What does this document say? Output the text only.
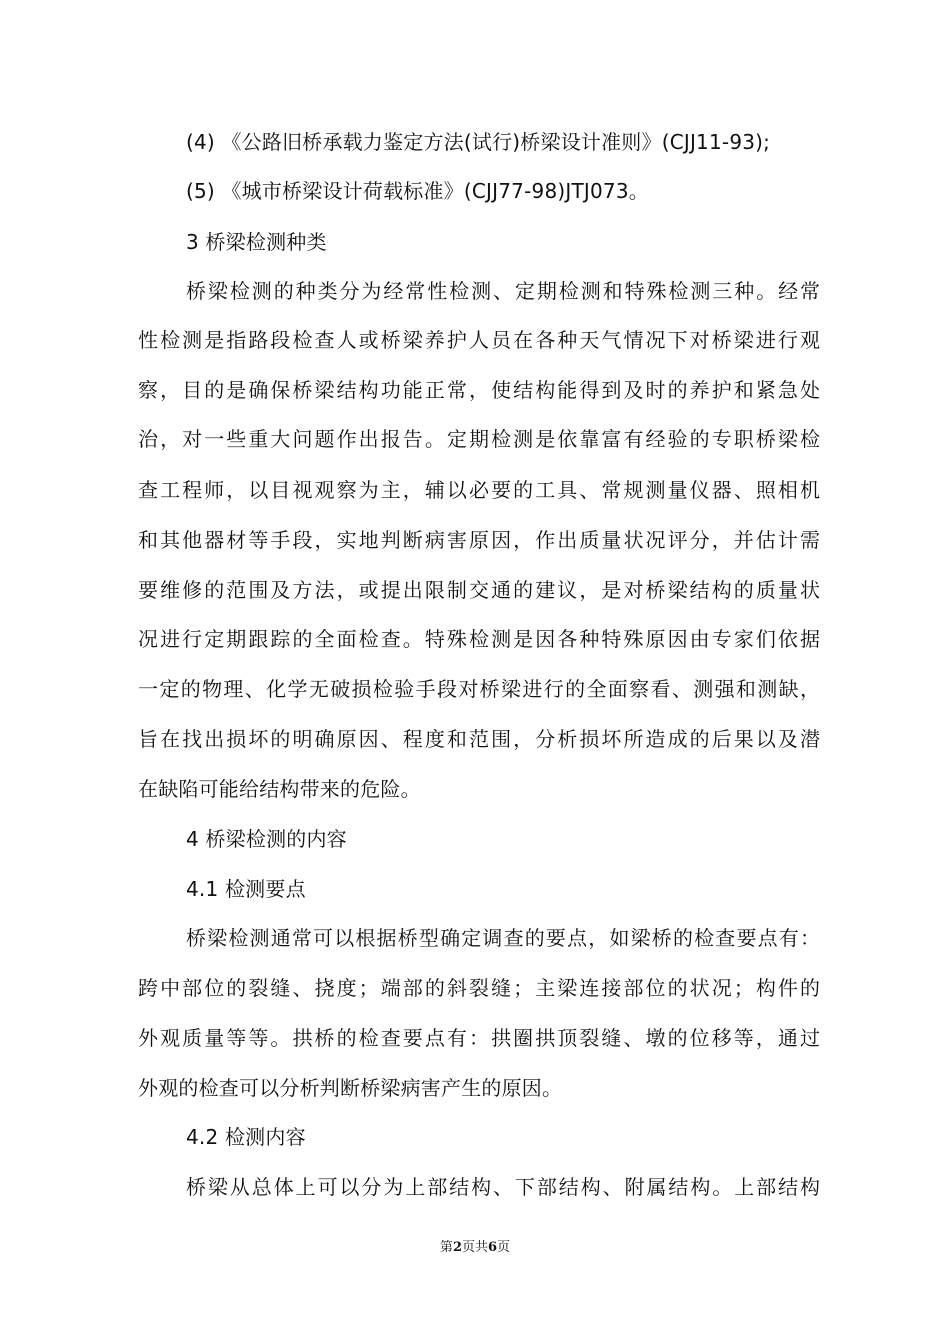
(4) 《公路旧桥承载力鉴定方法(试行)桥梁设计准则》(CJJ11-93);
(5) 《城市桥梁设计荷载标准》(CJJ77-98)JTJ073。
3 桥梁检测种类
桥梁检测的种类分为经常性检测、定期检测和特殊检测三种。经常
性检测是指路段检查人或桥梁养护人员在各种天气情况下对桥梁进行观
察，目的是确保桥梁结构功能正常，使结构能得到及时的养护和紧急处
治，对一些重大问题作出报告。定期检测是依靠富有经验的专职桥梁检
查工程师，以目视观察为主，辅以必要的工具、常规测量仪器、照相机
和其他器材等手段，实地判断病害原因，作出质量状况评分，并估计需
要维修的范围及方法，或提出限制交通的建议，是对桥梁结构的质量状
况进行定期跟踪的全面检查。特殊检测是因各种特殊原因由专家们依据
一定的物理、化学无破损检验手段对桥梁进行的全面察看、测强和测缺，
旨在找出损坏的明确原因、程度和范围，分析损坏所造成的后果以及潜
在缺陷可能给结构带来的危险。
4 桥梁检测的内容
4.1 检测要点
桥梁检测通常可以根据桥型确定调查的要点，如梁桥的检查要点有：
跨中部位的裂缝、挠度；端部的斜裂缝；主梁连接部位的状况；构件的
外观质量等等。拱桥的检查要点有：拱圈拱顶裂缝、墩的位移等，通过
外观的检查可以分析判断桥梁病害产生的原因。
4.2 检测内容
桥梁从总体上可以分为上部结构、下部结构、附属结构。上部结构
第2页共6页
